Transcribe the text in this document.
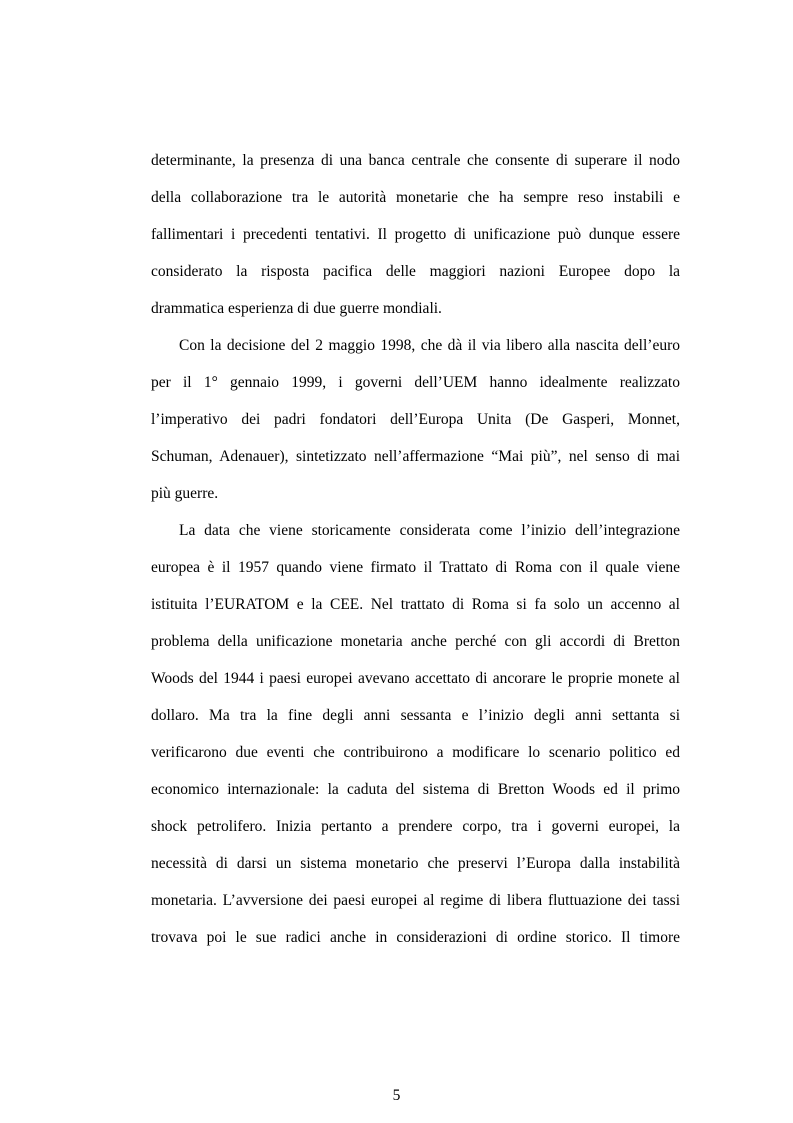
determinante, la presenza di una banca centrale che consente di superare il nodo
della collaborazione tra le autorità monetarie che ha sempre reso instabili e
fallimentari i precedenti tentativi. Il progetto di unificazione può dunque essere
considerato la risposta pacifica delle maggiori nazioni Europee dopo la
drammatica esperienza di due guerre mondiali.
Con la decisione del 2 maggio 1998, che dà il via libero alla nascita dell’euro
per il 1° gennaio 1999, i governi dell’UEM hanno idealmente realizzato
l’imperativo dei padri fondatori dell’Europa Unita (De Gasperi, Monnet,
Schuman, Adenauer), sintetizzato nell’affermazione “Mai più”, nel senso di mai
più guerre.
La data che viene storicamente considerata come l’inizio dell’integrazione
europea è il 1957 quando viene firmato il Trattato di Roma con il quale viene
istituita l’EURATOM e la CEE. Nel trattato di Roma si fa solo un accenno al
problema della unificazione monetaria anche perché con gli accordi di Bretton
Woods del 1944 i paesi europei avevano accettato di ancorare le proprie monete al
dollaro. Ma tra la fine degli anni sessanta e l’inizio degli anni settanta si
verificarono due eventi che contribuirono a modificare lo scenario politico ed
economico internazionale: la caduta del sistema di Bretton Woods ed il primo
shock petrolifero. Inizia pertanto a prendere corpo, tra i governi europei, la
necessità di darsi un sistema monetario che preservi l’Europa dalla instabilità
monetaria. L’avversione dei paesi europei al regime di libera fluttuazione dei tassi
trovava poi le sue radici anche in considerazioni di ordine storico. Il timore
5
